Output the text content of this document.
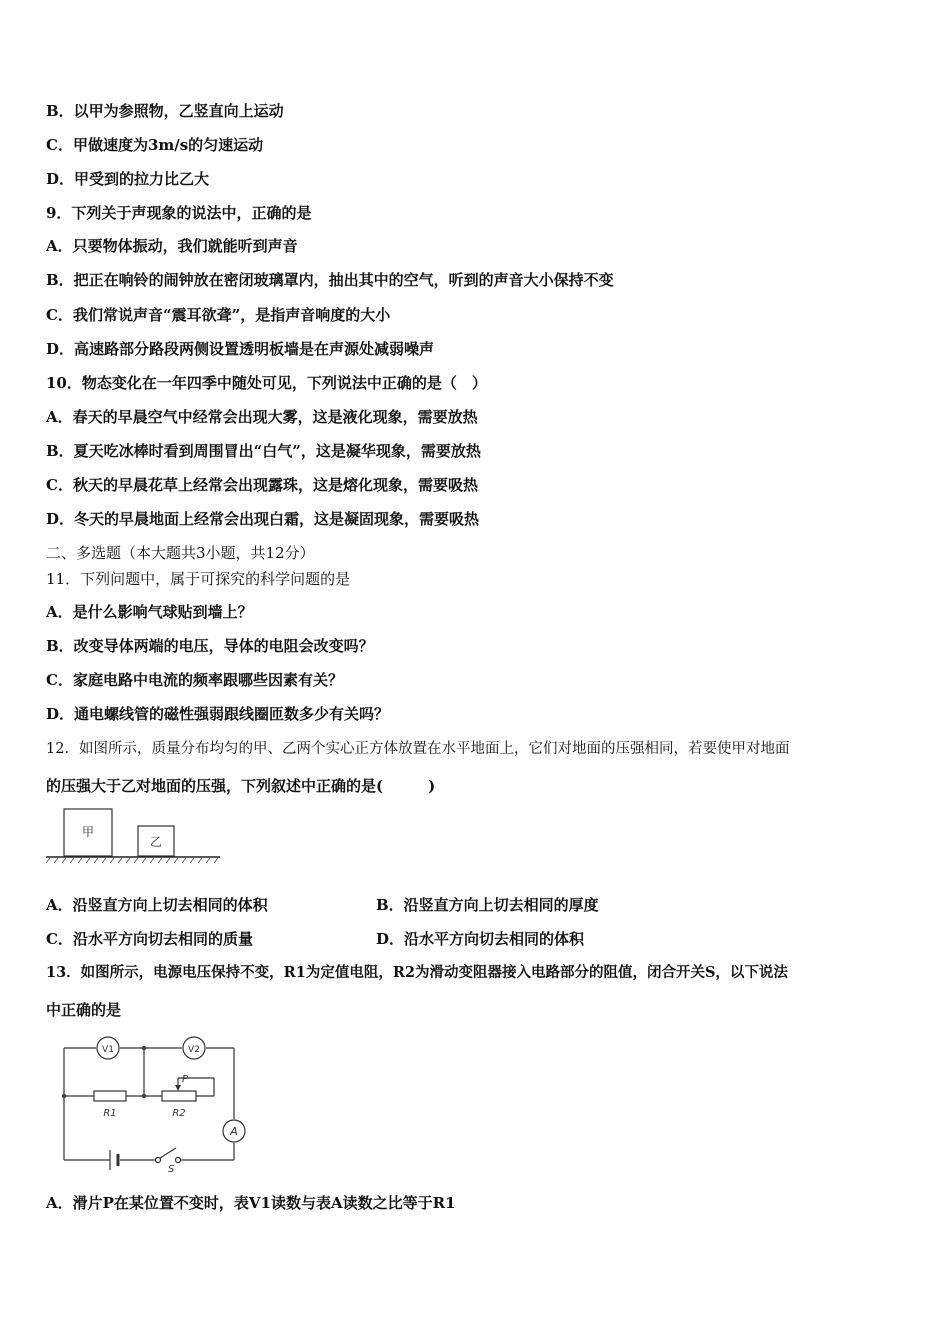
B．以甲为参照物，乙竖直向上运动
C．甲做速度为3m/s的匀速运动
D．甲受到的拉力比乙大
9．下列关于声现象的说法中，正确的是
A．只要物体振动，我们就能听到声音
B．把正在响铃的闹钟放在密闭玻璃罩内，抽出其中的空气，听到的声音大小保持不变
C．我们常说声音“震耳欲聋”，是指声音响度的大小
D．高速路部分路段两侧设置透明板墙是在声源处减弱噪声
10．物态变化在一年四季中随处可见，下列说法中正确的是（　）
A．春天的早晨空气中经常会出现大雾，这是液化现象，需要放热
B．夏天吃冰棒时看到周围冒出“白气”，这是凝华现象，需要放热
C．秋天的早晨花草上经常会出现露珠，这是熔化现象，需要吸热
D．冬天的早晨地面上经常会出现白霜，这是凝固现象，需要吸热
二、多选题（本大题共3小题，共12分）
11．下列问题中，属于可探究的科学问题的是
A．是什么影响气球贴到墙上？
B．改变导体两端的电压，导体的电阻会改变吗？
C．家庭电路中电流的频率跟哪些因素有关？
D．通电螺线管的磁性强弱跟线圈匝数多少有关吗？
12．如图所示，质量分布均匀的甲、乙两个实心正方体放置在水平地面上，它们对地面的压强相同，若要使甲对地面
的压强大于乙对地面的压强，下列叙述中正确的是(　　　)
甲
乙
A．沿竖直方向上切去相同的体积	B．沿竖直方向上切去相同的厚度
C．沿水平方向切去相同的质量	D．沿水平方向切去相同的体积
13．如图所示，电源电压保持不变，R1为定值电阻，R2为滑动变阻器接入电路部分的阻值，闭合开关S，以下说法
中正确的是
R1	R2
P
V1	V2
A
S
A．滑片P在某位置不变时，表V1读数与表A读数之比等于R1
